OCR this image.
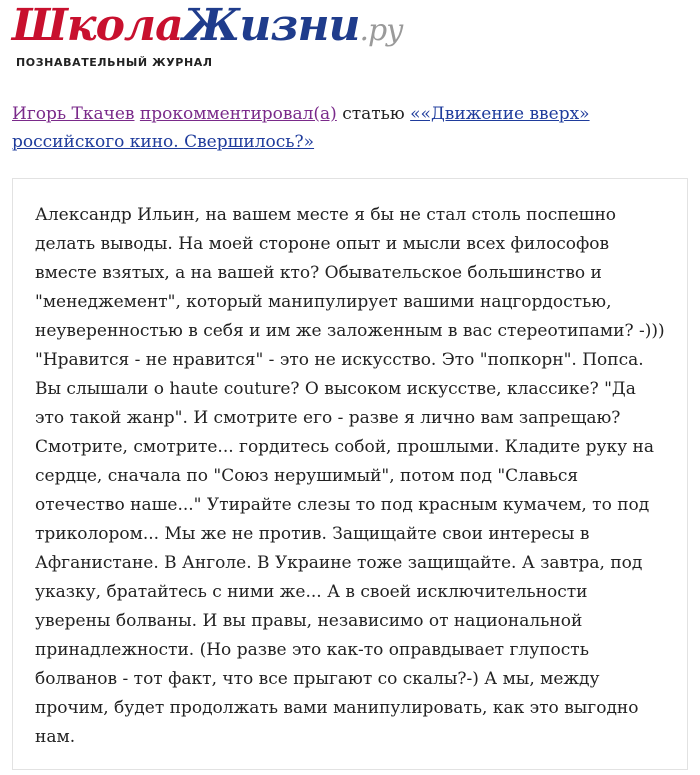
ШколаЖизни.ру
ПОЗНАВАТЕЛЬНЫЙ ЖУРНАЛ
Игорь Ткачев прокомментировал(а) статью ««Движение вверх» российского кино. Свершилось?»

Александр Ильин, на вашем месте я бы не стал столь поспешно делать выводы. На моей стороне опыт и мысли всех философов вместе взятых, а на вашей кто? Обывательское большинство и "менеджемент", который манипулирует вашими нацгордостью, неуверенностью в себя и им же заложенным в вас стереотипами? -))) "Нравится - не нравится" - это не искусство. Это "попкорн". Попса. Вы слышали о haute couture? О высоком искусстве, классике? "Да это такой жанр". И смотрите его - разве я лично вам запрещаю? Смотрите, смотрите... гордитесь собой, прошлыми. Кладите руку на сердце, сначала по "Союз нерушимый", потом под "Славься отечество наше..." Утирайте слезы то под красным кумачем, то под триколором... Мы же не против. Защищайте свои интересы в Афганистане. В Анголе. В Украине тоже защищайте. А завтра, под указку, братайтесь с ними же... А в своей исключительности уверены болваны. И вы правы, независимо от национальной принадлежности. (Но разве это как-то оправдывает глупость болванов - тот факт, что все прыгают со скалы?-) А мы, между прочим, будет продолжать вами манипулировать, как это выгодно нам.
